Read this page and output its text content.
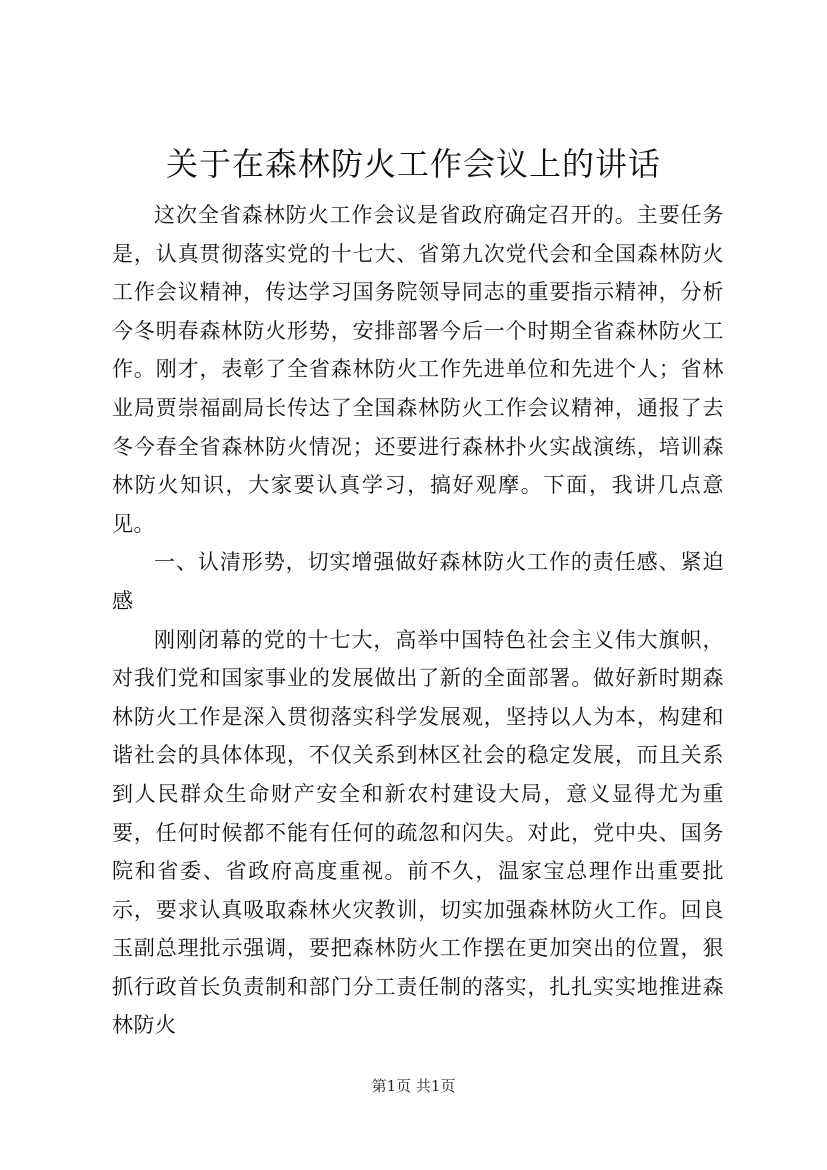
关于在森林防火工作会议上的讲话

这次全省森林防火工作会议是省政府确定召开的。主要任务是，认真贯彻落实党的十七大、省第九次党代会和全国森林防火工作会议精神，传达学习国务院领导同志的重要指示精神，分析今冬明春森林防火形势，安排部署今后一个时期全省森林防火工作。刚才，表彰了全省森林防火工作先进单位和先进个人；省林业局贾崇福副局长传达了全国森林防火工作会议精神，通报了去冬今春全省森林防火情况；还要进行森林扑火实战演练，培训森林防火知识，大家要认真学习，搞好观摩。下面，我讲几点意见。

一、认清形势，切实增强做好森林防火工作的责任感、紧迫感

刚刚闭幕的党的十七大，高举中国特色社会主义伟大旗帜，对我们党和国家事业的发展做出了新的全面部署。做好新时期森林防火工作是深入贯彻落实科学发展观，坚持以人为本，构建和谐社会的具体体现，不仅关系到林区社会的稳定发展，而且关系到人民群众生命财产安全和新农村建设大局，意义显得尤为重要，任何时候都不能有任何的疏忽和闪失。对此，党中央、国务院和省委、省政府高度重视。前不久，温家宝总理作出重要批示，要求认真吸取森林火灾教训，切实加强森林防火工作。回良玉副总理批示强调，要把森林防火工作摆在更加突出的位置，狠抓行政首长负责制和部门分工责任制的落实，扎扎实实地推进森林防火

第1页 共1页
